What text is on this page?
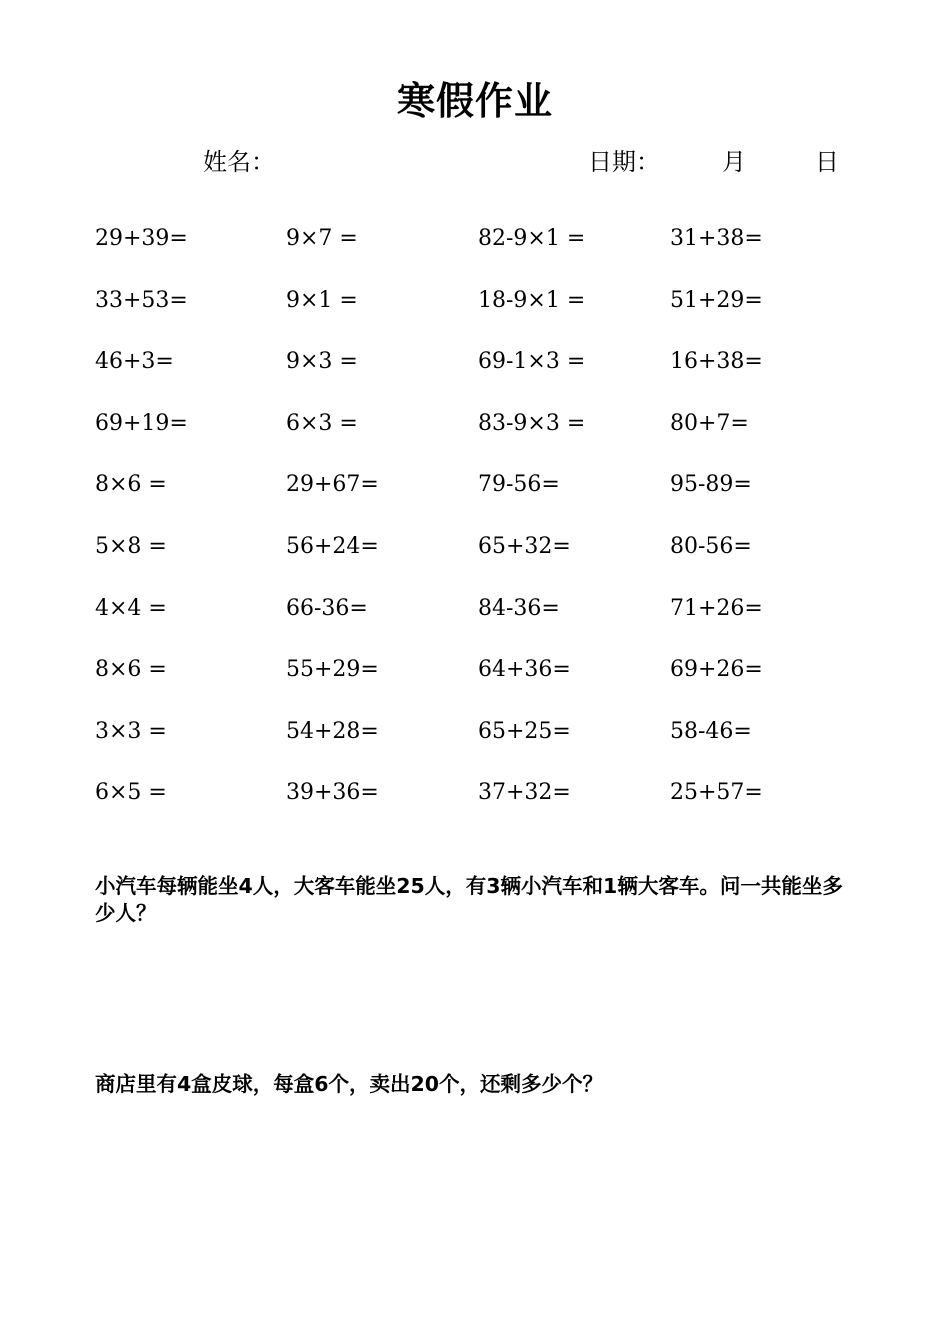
寒假作业
姓名：	日期：	月	日
29+39=	9×7 =	82-9×1 =	31+38=
33+53=	9×1 =	18-9×1 =	51+29=
46+3=	9×3 =	69-1×3 =	16+38=
69+19=	6×3 =	83-9×3 =	80+7=
8×6 =	29+67=	79-56=	95-89=
5×8 =	56+24=	65+32=	80-56=
4×4 =	66-36=	84-36=	71+26=
8×6 =	55+29=	64+36=	69+26=
3×3 =	54+28=	65+25=	58-46=
6×5 =	39+36=	37+32=	25+57=
小汽车每辆能坐4人，大客车能坐25人，有3辆小汽车和1辆大客车。问一共能坐多少人？
商店里有4盒皮球，每盒6个，卖出20个，还剩多少个？
